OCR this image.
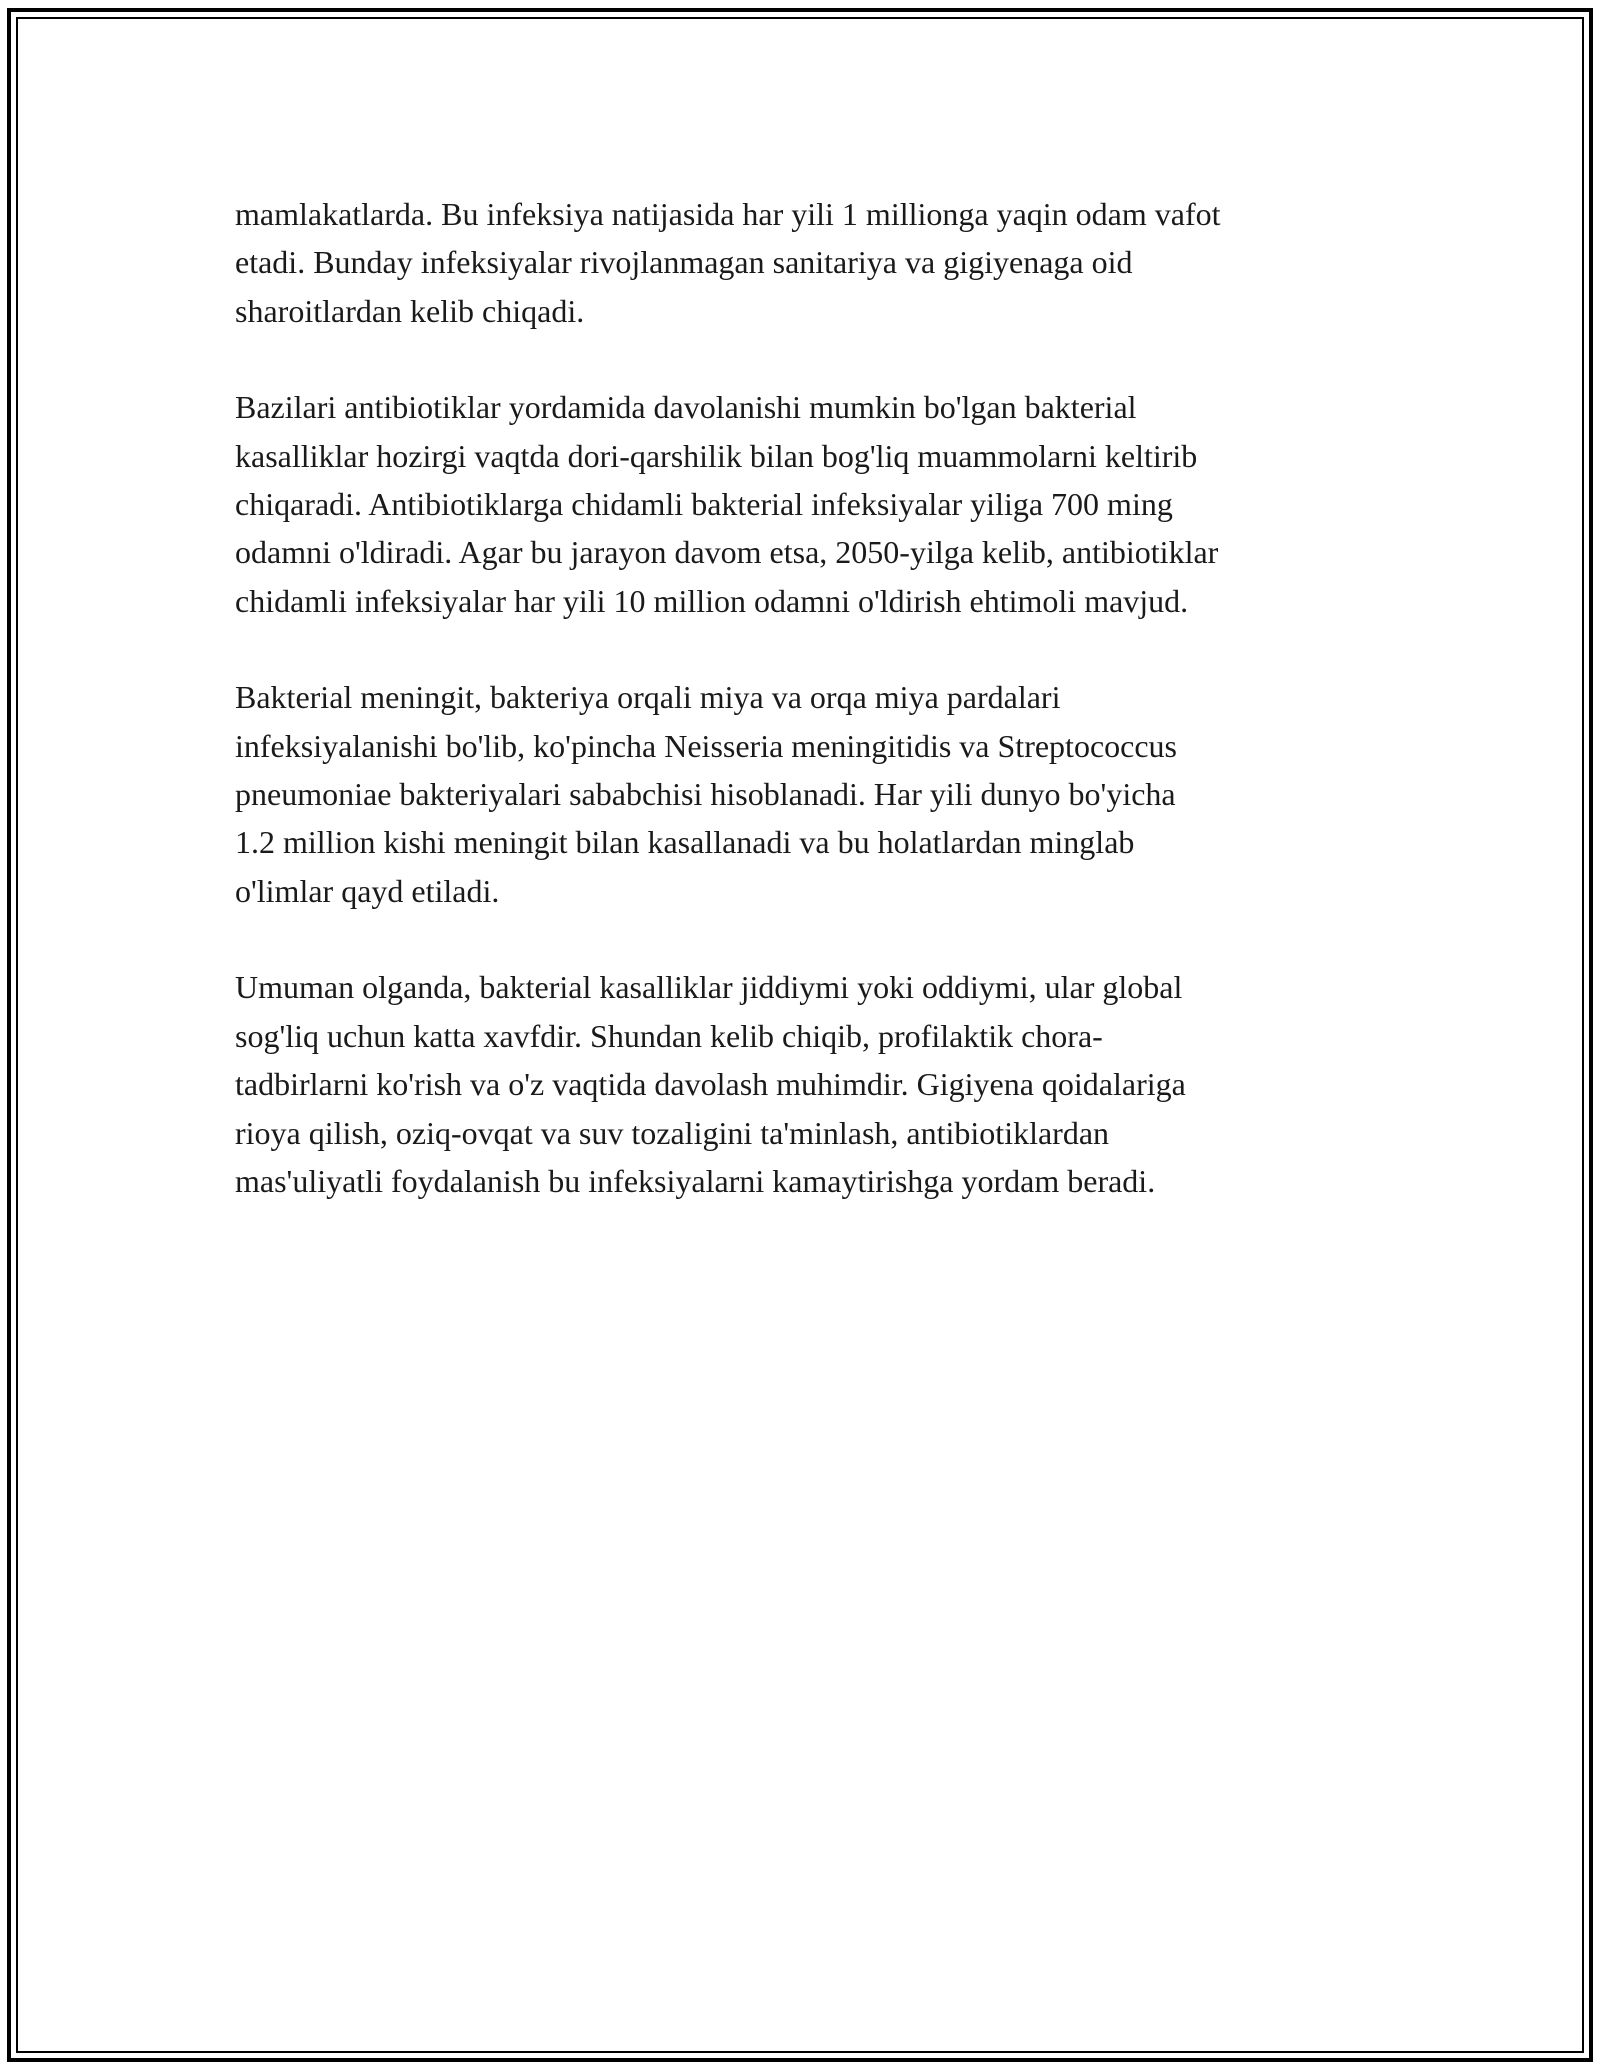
mamlakatlarda. Bu infeksiya natijasida har yili 1 millionga yaqin odam vafot
etadi. Bunday infeksiyalar rivojlanmagan sanitariya va gigiyenaga oid
sharoitlardan kelib chiqadi.

Bazilari antibiotiklar yordamida davolanishi mumkin bo'lgan bakterial
kasalliklar hozirgi vaqtda dori-qarshilik bilan bog'liq muammolarni keltirib
chiqaradi. Antibiotiklarga chidamli bakterial infeksiyalar yiliga 700 ming
odamni o'ldiradi. Agar bu jarayon davom etsa, 2050-yilga kelib, antibiotiklar
chidamli infeksiyalar har yili 10 million odamni o'ldirish ehtimoli mavjud.

Bakterial meningit, bakteriya orqali miya va orqa miya pardalari
infeksiyalanishi bo'lib, ko'pincha Neisseria meningitidis va Streptococcus
pneumoniae bakteriyalari sababchisi hisoblanadi. Har yili dunyo bo'yicha
1.2 million kishi meningit bilan kasallanadi va bu holatlardan minglab
o'limlar qayd etiladi.

Umuman olganda, bakterial kasalliklar jiddiymi yoki oddiymi, ular global
sog'liq uchun katta xavfdir. Shundan kelib chiqib, profilaktik chora-
tadbirlarni ko'rish va o'z vaqtida davolash muhimdir. Gigiyena qoidalariga
rioya qilish, oziq-ovqat va suv tozaligini ta'minlash, antibiotiklardan
mas'uliyatli foydalanish bu infeksiyalarni kamaytirishga yordam beradi.
